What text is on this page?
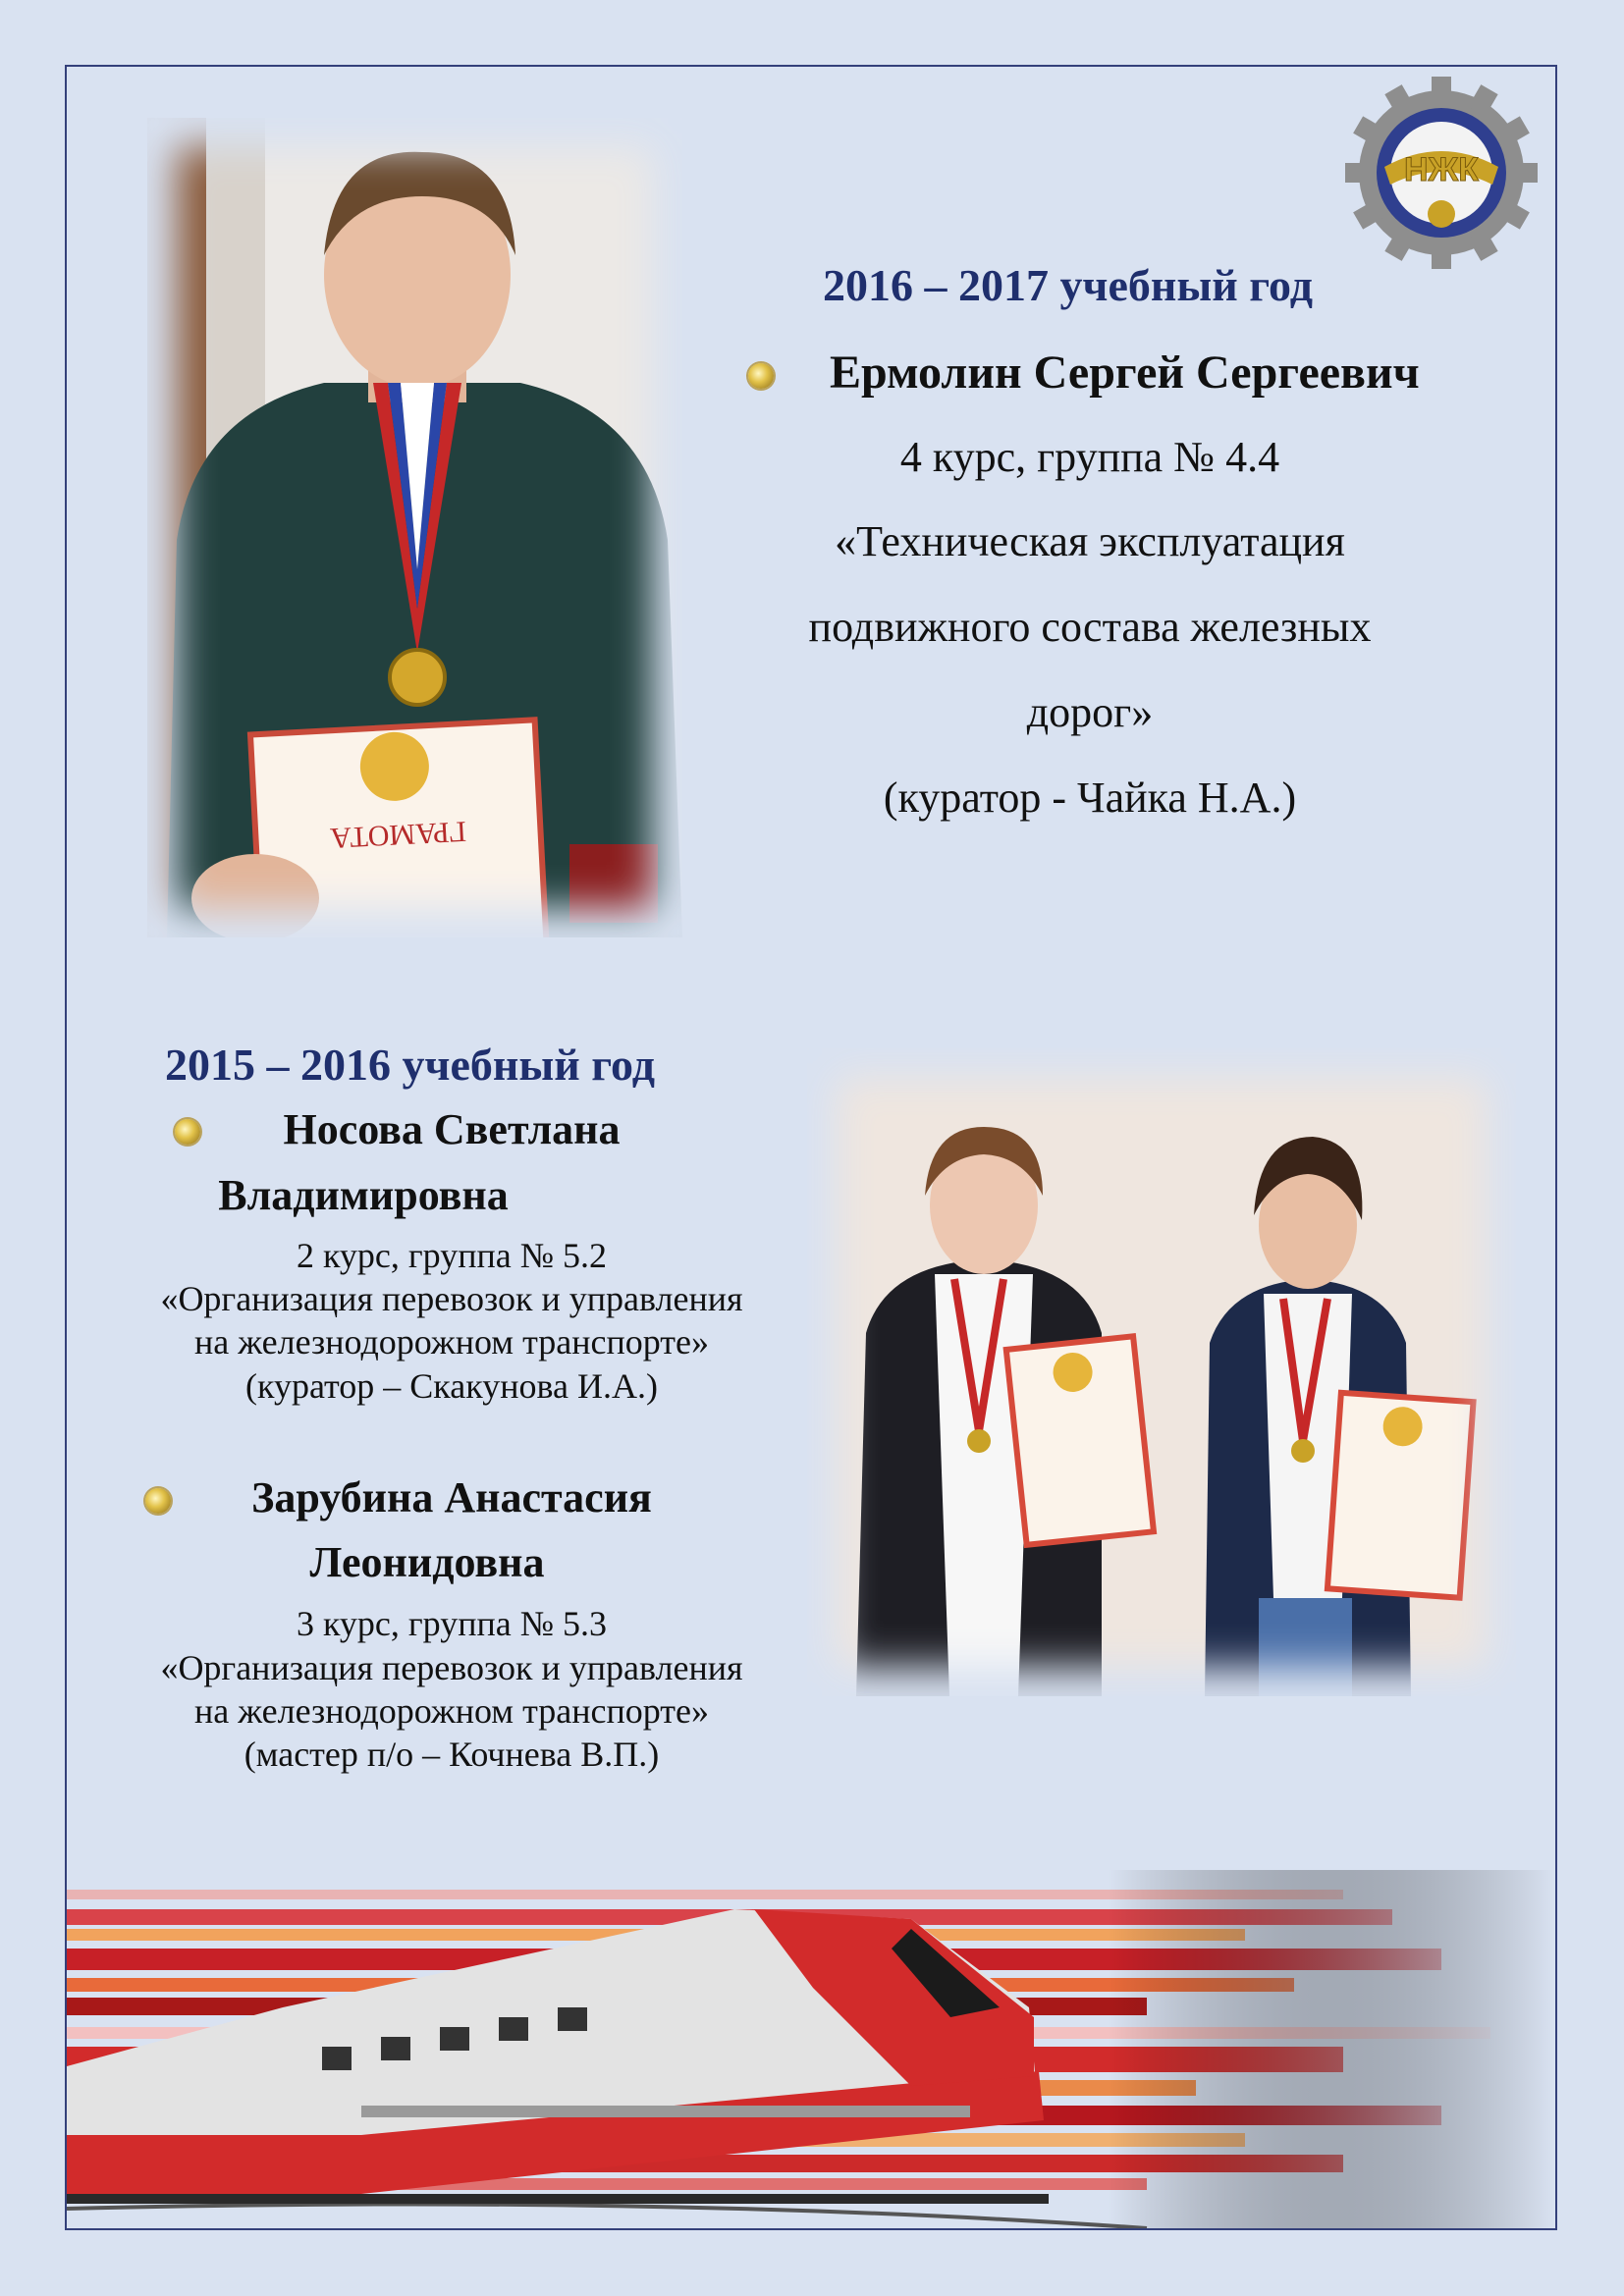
НЖК
ГРАМОТА
2016 – 2017 учебный год
Ермолин Сергей Сергеевич
4 курс, группа № 4.4
«Техническая эксплуатация
подвижного состава железных
дорог»
(куратор - Чайка Н.А.)
2015 – 2016 учебный год
Носова Светлана
Владимировна
2 курс, группа № 5.2
«Организация перевозок и управления
на железнодорожном транспорте»
(куратор – Скакунова И.А.)
Зарубина Анастасия
Леонидовна
3 курс, группа № 5.3
«Организация перевозок и управления
на железнодорожном транспорте»
(мастер п/о – Кочнева В.П.)
